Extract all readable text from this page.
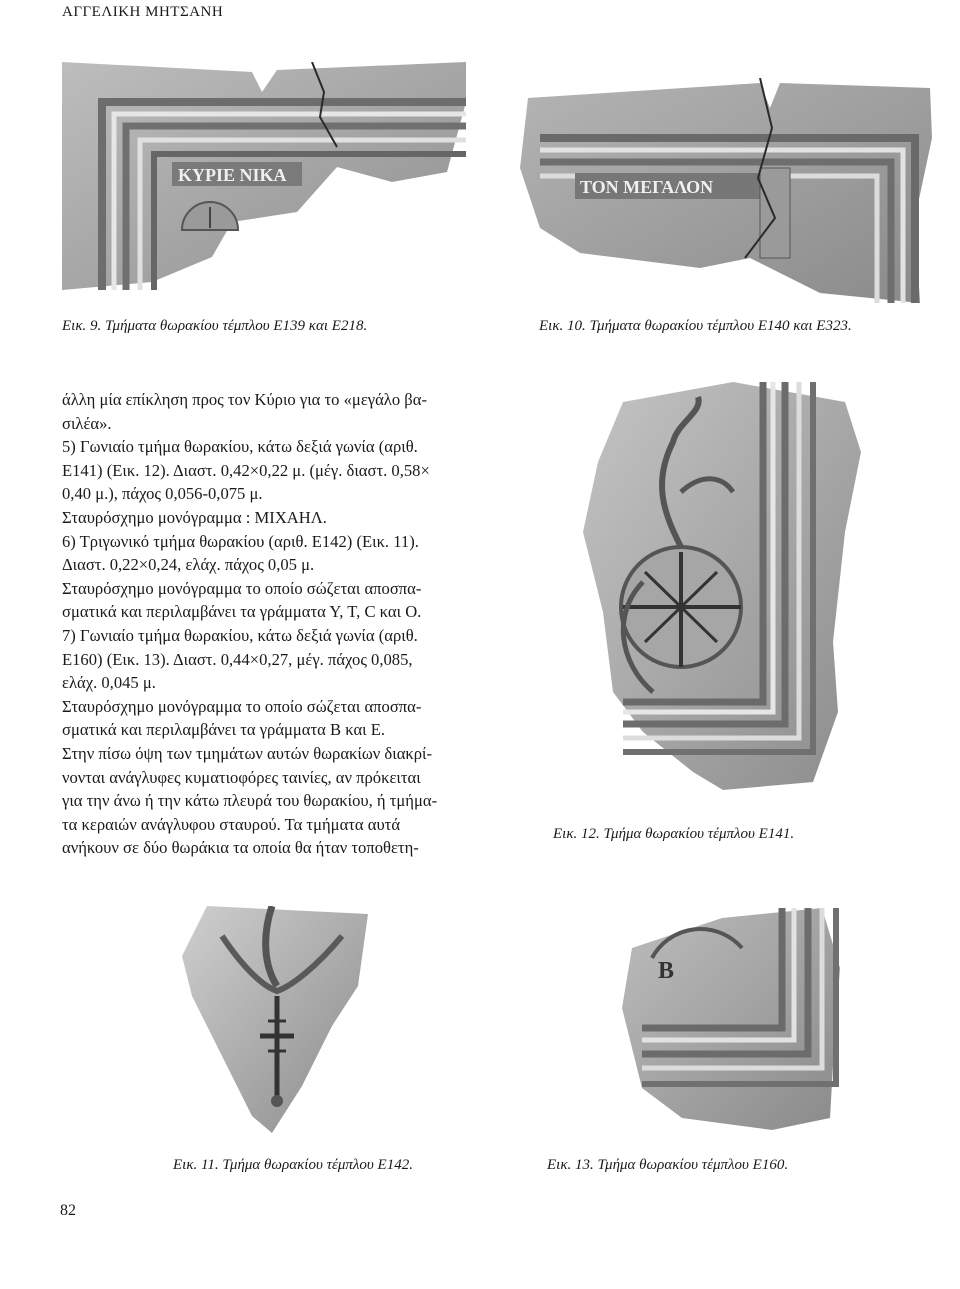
ΑΓΓΕΛΙΚΗ ΜΗΤΣΑΝΗ
ΚΥΡΙΕ ΝΙΚΑ
Εικ. 9. Τμήματα θωρακίου τέμπλου Ε139 και Ε218.
ΤΟΝ ΜΕΓΑΛΟΝ
Εικ. 10. Τμήματα θωρακίου τέμπλου Ε140 και Ε323.

άλλη μία επίκληση προς τον Κύριο για το «μεγάλο βα-

σιλέα».

5) Γωνιαίο τμήμα θωρακίου, κάτω δεξιά γωνία (αριθ.

Ε141) (Εικ. 12). Διαστ. 0,42×0,22 μ. (μέγ. διαστ. 0,58×

0,40 μ.), πάχος 0,056-0,075 μ.

Σταυρόσχημο μονόγραμμα : ΜΙΧΑΗΛ.

6) Τριγωνικό τμήμα θωρακίου (αριθ. Ε142) (Εικ. 11).

Διαστ. 0,22×0,24, ελάχ. πάχος 0,05 μ.

Σταυρόσχημο μονόγραμμα το οποίο σώζεται αποσπα-

σματικά και περιλαμβάνει τα γράμματα Υ, Τ, C και Ο.

7) Γωνιαίο τμήμα θωρακίου, κάτω δεξιά γωνία (αριθ.

Ε160) (Εικ. 13). Διαστ. 0,44×0,27, μέγ. πάχος 0,085,

ελάχ. 0,045 μ.

Σταυρόσχημο μονόγραμμα το οποίο σώζεται αποσπα-

σματικά και περιλαμβάνει τα γράμματα Β και Ε.

Στην πίσω όψη των τμημάτων αυτών θωρακίων διακρί-

νονται ανάγλυφες κυματιοφόρες ταινίες, αν πρόκειται

για την άνω ή την κάτω πλευρά του θωρακίου, ή τμήμα-

τα κεραιών ανάγλυφου σταυρού. Τα τμήματα αυτά

ανήκουν σε δύο θωράκια τα οποία θα ήταν τοποθετη-

Εικ. 12. Τμήμα θωρακίου τέμπλου Ε141.
Εικ. 11. Τμήμα θωρακίου τέμπλου Ε142.
B
Εικ. 13. Τμήμα θωρακίου τέμπλου Ε160.
82
